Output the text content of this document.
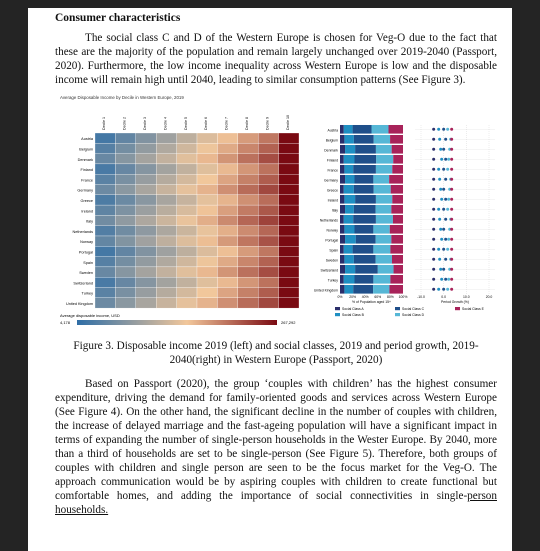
Consumer characteristics

The social class C and D of the Western Europe is chosen for Veg-O due to the fact that these are the majority of the population and remain largely unchanged over 2019-2040 (Passport, 2020). Furthermore, the low income inequality across Western Europe is low and the disposable income will remain high until 2040, leading to similar consumption patterns (See Figure 3).

Average Disposable Income by Decile in Western Europe, 2019
Decile 1	Decile 2	Decile 3	Decile 4	Decile 5	Decile 6	Decile 7	Decile 8	Decile 9	Decile 10
Austria
Belgium
Denmark
Finland
France
Germany
Greece
Ireland
Italy
Netherlands
Norway
Portugal
Spain
Sweden
Switzerland
Turkey
United Kingdom
Average disposable income, USD
4,178	267,292
Austria
Belgium
Denmark
Finland
France
Germany
Greece
Ireland
Italy
Netherlands
Norway
Portugal
Spain
Sweden
Switzerland
Turkey
United Kingdom
0% 20% 40% 60% 80% 100%
% of Population aged 15+
-10.0	0.0	10.0	20.0
Period Growth (%)
Social Class A
Social Class B
Social Class C
Social Class D
Social Class E

Figure 3. Disposable income 2019 (left) and social classes, 2019 and period growth, 2019-2040(right) in Western Europe (Passport, 2020)

Based on Passport (2020), the group ‘couples with children’ has the highest consumer expenditure, driving the demand for family-oriented goods and services across Western Europe (See Figure 4). On the other hand, the significant decline in the number of couples with children, the increase of delayed marriage and the fast-ageing population will have a significant impact in terms of expanding the number of single-person households in the Wester Europe. By 2040, more than a third of households are set to be single-person (See Figure 5). Therefore, both groups of couples with children and single person are seen to be the focus market for the Veg-O. The approach communication would be by aspiring couples with children to create functional but comfortable homes, and adding the importance of social connectivities in single-person households.
